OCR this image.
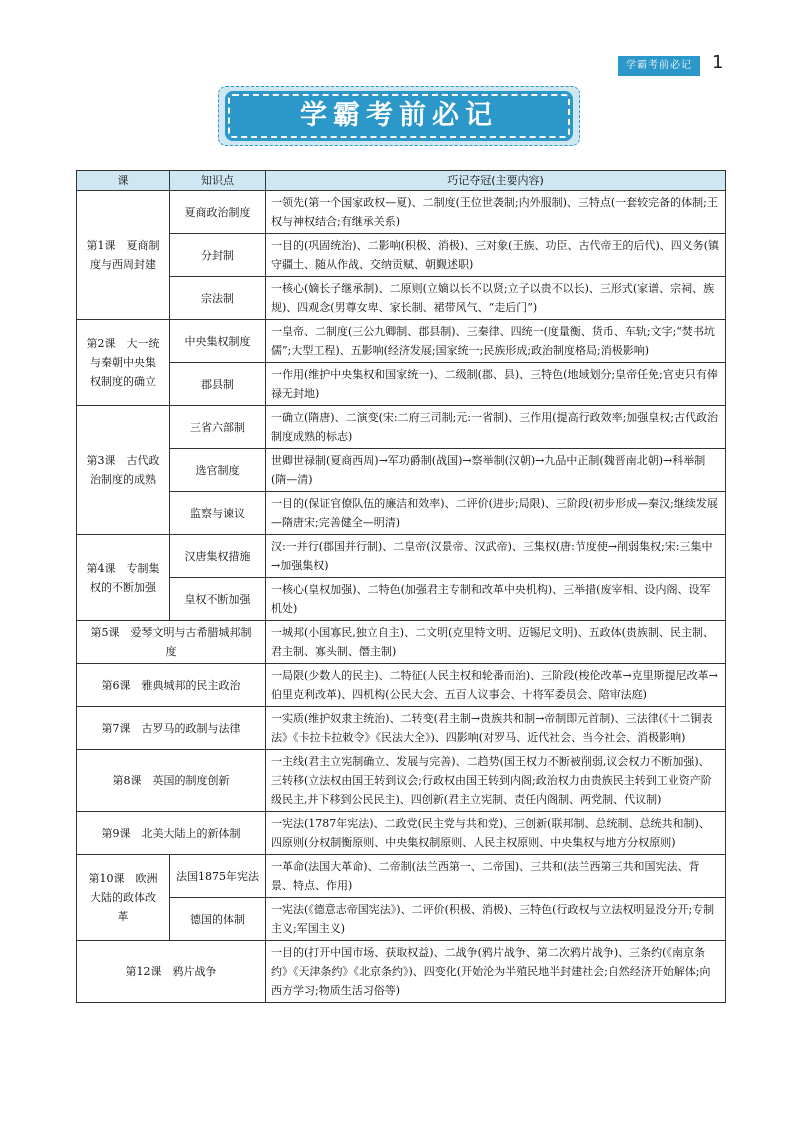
学霸考前必记	1
学霸考前必记
课	知识点	巧记夺冠(主要内容)
第1课　夏商制度与西周封建	夏商政治制度	一领先(第一个国家政权—夏)、二制度(王位世袭制;内外服制)、三特点(一套较完备的体制;王权与神权结合;有继承关系)
	分封制	一目的(巩固统治)、二影响(积极、消极)、三对象(王族、功臣、古代帝王的后代)、四义务(镇守疆土、随从作战、交纳贡赋、朝觐述职)
	宗法制	一核心(嫡长子继承制)、二原则(立嫡以长不以贤;立子以贵不以长)、三形式(家谱、宗祠、族规)、四观念(男尊女卑、家长制、裙带风气、“走后门”)
第2课　大一统与秦朝中央集权制度的确立	中央集权制度	一皇帝、二制度(三公九卿制、郡县制)、三秦律、四统一(度量衡、货币、车轨;文字;“焚书坑儒”;大型工程)、五影响(经济发展;国家统一;民族形成;政治制度格局;消极影响)
	郡县制	一作用(维护中央集权和国家统一)、二级制(郡、县)、三特色(地域划分;皇帝任免;官吏只有俸禄无封地)
第3课　古代政治制度的成熟	三省六部制	一确立(隋唐)、二演变(宋:二府三司制;元:一省制)、三作用(提高行政效率;加强皇权;古代政治制度成熟的标志)
	选官制度	世卿世禄制(夏商西周)→军功爵制(战国)→察举制(汉朝)→九品中正制(魏晋南北朝)→科举制(隋—清)
	监察与谏议	一目的(保证官僚队伍的廉洁和效率)、二评价(进步;局限)、三阶段(初步形成—秦汉;继续发展—隋唐宋;完善健全—明清)
第4课　专制集权的不断加强	汉唐集权措施	汉:一并行(郡国并行制)、二皇帝(汉景帝、汉武帝)、三集权(唐:节度使→削弱集权;宋:三集中→加强集权)
	皇权不断加强	一核心(皇权加强)、二特色(加强君主专制和改革中央机构)、三举措(废宰相、设内阁、设军机处)
第5课　爱琴文明与古希腊城邦制度		一城邦(小国寡民,独立自主)、二文明(克里特文明、迈锡尼文明)、五政体(贵族制、民主制、君主制、寡头制、僭主制)
第6课　雅典城邦的民主政治		一局限(少数人的民主)、二特征(人民主权和轮番而治)、三阶段(梭伦改革→克里斯提尼改革→伯里克利改革)、四机构(公民大会、五百人议事会、十将军委员会、陪审法庭)
第7课　古罗马的政制与法律		一实质(维护奴隶主统治)、二转变(君主制→贵族共和制→帝制即元首制)、三法律(《十二铜表法》《卡拉卡拉敕令》《民法大全》)、四影响(对罗马、近代社会、当今社会、消极影响)
第8课　英国的制度创新		一主线(君主立宪制确立、发展与完善)、二趋势(国王权力不断被削弱,议会权力不断加强)、三转移(立法权由国王转到议会;行政权由国王转到内阁;政治权力由贵族民主转到工业资产阶级民主,并下移到公民民主)、四创新(君主立宪制、责任内阁制、两党制、代议制)
第9课　北美大陆上的新体制		一宪法(1787年宪法)、二政党(民主党与共和党)、三创新(联邦制、总统制、总统共和制)、四原则(分权制衡原则、中央集权制原则、人民主权原则、中央集权与地方分权原则)
第10课　欧洲大陆的政体改革	法国1875年宪法	一革命(法国大革命)、二帝制(法兰西第一、二帝国)、三共和(法兰西第三共和国宪法、背景、特点、作用)
	德国的体制	一宪法(《德意志帝国宪法》)、二评价(积极、消极)、三特色(行政权与立法权明显没分开;专制主义;军国主义)
第12课　鸦片战争		一目的(打开中国市场、获取权益)、二战争(鸦片战争、第二次鸦片战争)、三条约(《南京条约》《天津条约》《北京条约》)、四变化(开始沦为半殖民地半封建社会;自然经济开始解体;向西方学习;物质生活习俗等)
